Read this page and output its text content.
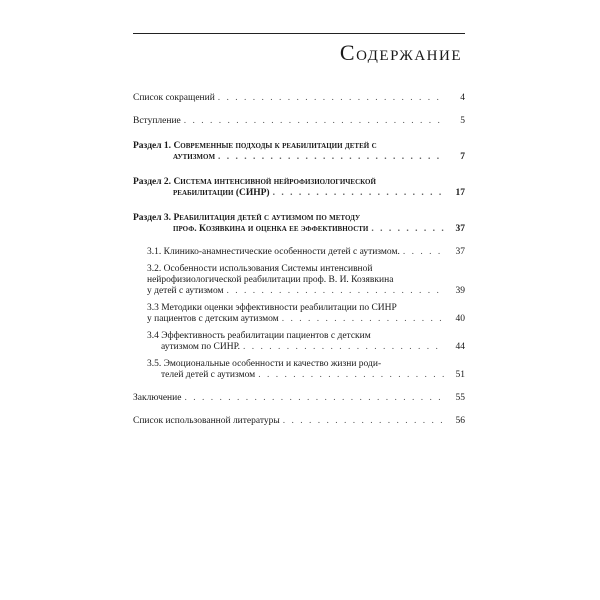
Содержание
Список сокращений . . .	4
Вступление . . .	5
Раздел 1. Современные подходы к реабилитации детей с
аутизмом . . .	7
Раздел 2. Система интенсивной нейрофизиологической
реабилитации (СИНР) . . .	17
Раздел 3. Реабилитация детей с аутизмом по методу
проф. Козявкина и оценка ее эффективности . . .	37
3.1. Клинико-анамнестические особенности детей с аутизмом. . . .	37
3.2. Особенности использования Системы интенсивной
нейрофизиологической реабилитации проф. В. И. Козявкина
у детей с аутизмом . . .	39
3.3 Методики оценки эффективности реабилитации по СИНР
у пациентов с детским аутизмом . . .	40
3.4 Эффективность реабилитации пациентов с детским
аутизмом по СИНР. . . .	44
3.5. Эмоциональные особенности и качество жизни роди-
телей детей с аутизмом . . .	51
Заключение . . .	55
Список использованной литературы . . .	56
